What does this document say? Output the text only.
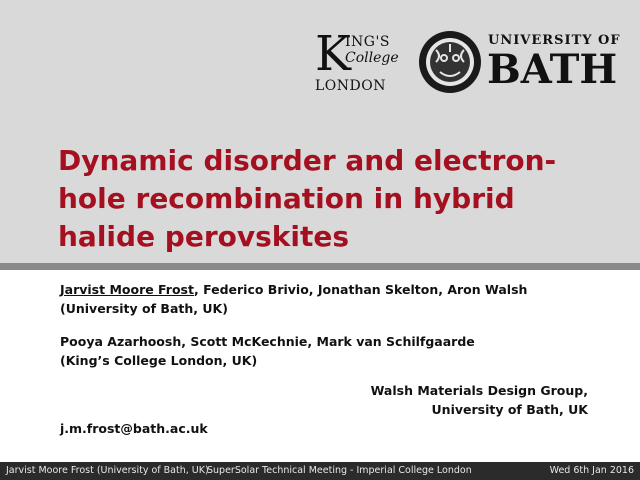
K
ING'S
College
LONDON
UNIVERSITY OF
BATH
Dynamic disorder and electron-hole recombination in hybrid halide perovskites

Jarvist Moore Frost, Federico Brivio, Jonathan Skelton, Aron Walsh

(University of Bath, UK)

Pooya Azarhoosh, Scott McKechnie, Mark van Schilfgaarde

(King’s College London, UK)

Walsh Materials Design Group,
University of Bath, UK
j.m.frost@bath.ac.uk
Jarvist Moore Frost (University of Bath, UK)
SuperSolar Technical Meeting - Imperial College London	Wed 6th Jan 2016
